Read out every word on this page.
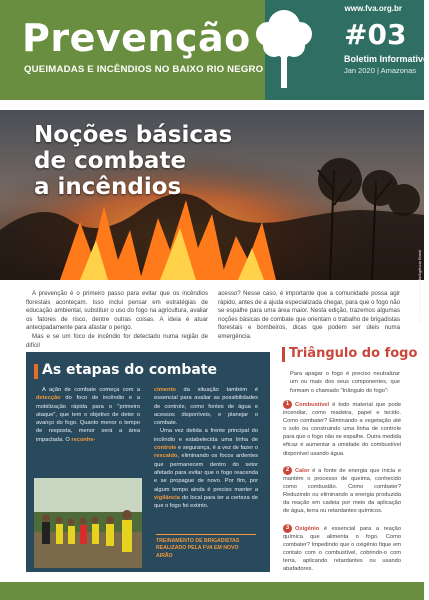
Prevenção
QUEIMADAS E INCÊNDIOS NO BAIXO RIO NEGRO
#03
Boletim Informativo
Jan 2020 | Amazonas
Noções básicas
de combate
a incêndios
Foto: Victor Camamiranda/Agência Brasil

A prevenção é o primeiro passo para evitar que os incêndios florestais aconteçam. Isso inclui pensar em estratégias de educação ambiental, substituir o uso do fogo na agricultura, avaliar os fatores de risco, dentre outras coisas. A ideia é atuar antecipadamente para afastar o perigo.

Mas e se um foco de incêndio for detectado numa região de difícil

acesso? Nesse caso, é importante que a comunidade possa agir rápido, antes de a ajuda especializada chegar, para que o fogo não se espalhe para uma área maior. Nesta edição, trazemos algumas noções básicas de combate que orientam o trabalho de brigadistas florestais e bombeiros, dicas que podem ser úteis numa emergência.

As etapas do combate

A ação de combate começa com a detecção do foco de incêndio e a mobilização rápida para o "primeiro ataque", que tem o objetivo de deter o avanço do fogo. Quanto menor o tempo de resposta, menor será a área impactada. O reconhe-

cimento da situação também é essencial para avaliar as possibilidades de controle, como fontes de água e acessos disponíveis, e planejar o combate.

Uma vez detida a frente principal do incêndio e estabelecida uma linha de controle e segurança, é a vez de fazer o rescaldo, eliminando os focos ardentes que permanecem dentro do setor afetado para evitar que o fogo reacenda e se propague de novo. Por fim, por algum tempo ainda é preciso manter a vigilância do local para ter a certeza de que o fogo foi extinto.

TREINAMENTO DE BRIGADISTAS REALIZADO PELA FVA EM NOVO AIRÃO
Triângulo do fogo
Para apagar o fogo é preciso neutralizar um ou mais dos seus componentes, que formam o chamado "triângulo do fogo":
1 Combustível é todo material que pode incendiar, como madeira, papel e tecido. Como combater? Eliminando a vegetação até o solo ou construindo uma linha de controle para que o fogo não se espalhe. Outra medida eficaz é aumentar a umidade do combustível disponível usando água.
2 Calor é a fonte de energia que inicia e mantém o processo de queima, conhecido como combustão. Como combater? Reduzindo ou eliminando a energia produzida da reação em cadeia por meio da aplicação de água, terra ou retardantes químicos.
3 Oxigênio é essencial para a reação química que alimenta o fogo. Como combater? Impedindo que o oxigênio fique em contato com o combustível, cobrindo-o com terra, aplicando retardantes ou usando abafadores.
www.fva.org.br
